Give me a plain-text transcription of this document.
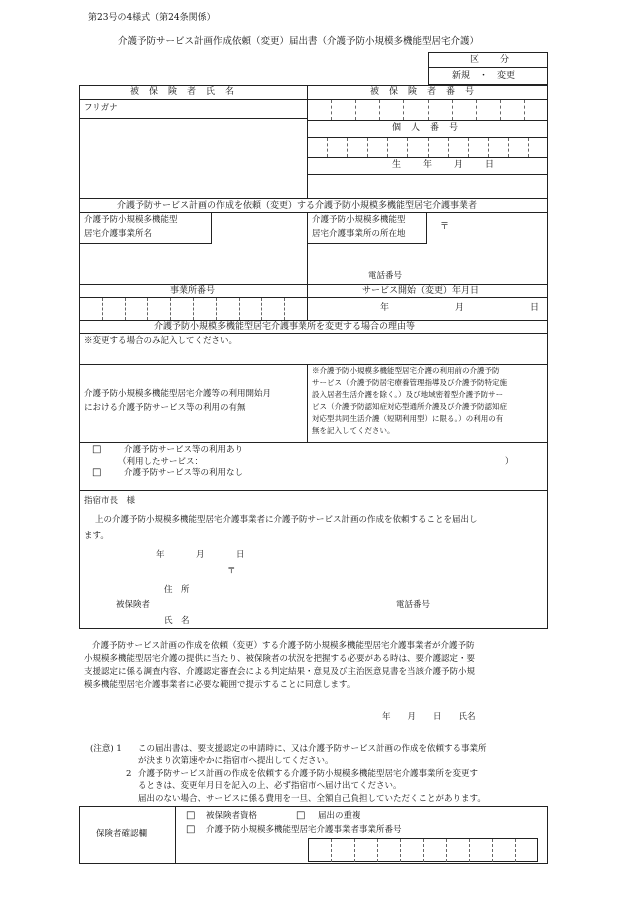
第23号の4様式（第24条関係）
介護予防サービス計画作成依頼（変更）届出書（介護予防小規模多機能型居宅介護）
区　分
新規　・　変更
被保険者氏名	被保険者番号
フリガナ
個人番号
生年月日
介護予防サービス計画の作成を依頼（変更）する介護予防小規模多機能型居宅介護事業者
介護予防小規模多機能型
居宅介護事業所名
介護予防小規模多機能型
居宅介護事業所の所在地
〒
電話番号
事業所番号	サービス開始（変更）年月日
年	月	日
介護予防小規模多機能型居宅介護事業所を変更する場合の理由等
※変更する場合のみ記入してください。
介護予防小規模多機能型居宅介護等の利用開始月
における介護予防サービス等の利用の有無
※介護予防小規模多機能型居宅介護の利用前の介護予防
サービス（介護予防居宅療養管理指導及び介護予防特定施
設入居者生活介護を除く。）及び地域密着型介護予防サー
ビス（介護予防認知症対応型通所介護及び介護予防認知症
対応型共同生活介護（短期利用型）に限る。）の利用の有
無を記入してください。
□	介護予防サービス等の利用あり
（利用したサービス：	）
□	介護予防サービス等の利用なし
指宿市長　様
上の介護予防小規模多機能型居宅介護事業者に介護予防サービス計画の作成を依頼することを届出し
ます。
年	月	日
〒
住　所
被保険者	電話番号
氏　名
介護予防サービス計画の作成を依頼（変更）する介護予防小規模多機能型居宅介護事業者が介護予防
小規模多機能型居宅介護の提供に当たり、被保険者の状況を把握する必要がある時は、要介護認定・要
支援認定に係る調査内容、介護認定審査会による判定結果・意見及び主治医意見書を当該介護予防小規
模多機能型居宅介護事業者に必要な範囲で提示することに同意します。
年　　月　　日　　氏名
(注意) 1 この届出書は、要支援認定の申請時に、又は介護予防サービス計画の作成を依頼する事業所
が決まり次第速やかに指宿市へ提出してください。
2 介護予防サービス計画の作成を依頼する介護予防小規模多機能型居宅介護事業所を変更す
るときは、変更年月日を記入の上、必ず指宿市へ届け出てください。
届出のない場合、サービスに係る費用を一旦、全額自己負担していただくことがあります。
保険者確認欄
□ 被保険者資格	□ 届出の重複
□ 介護予防小規模多機能型居宅介護事業者事業所番号
